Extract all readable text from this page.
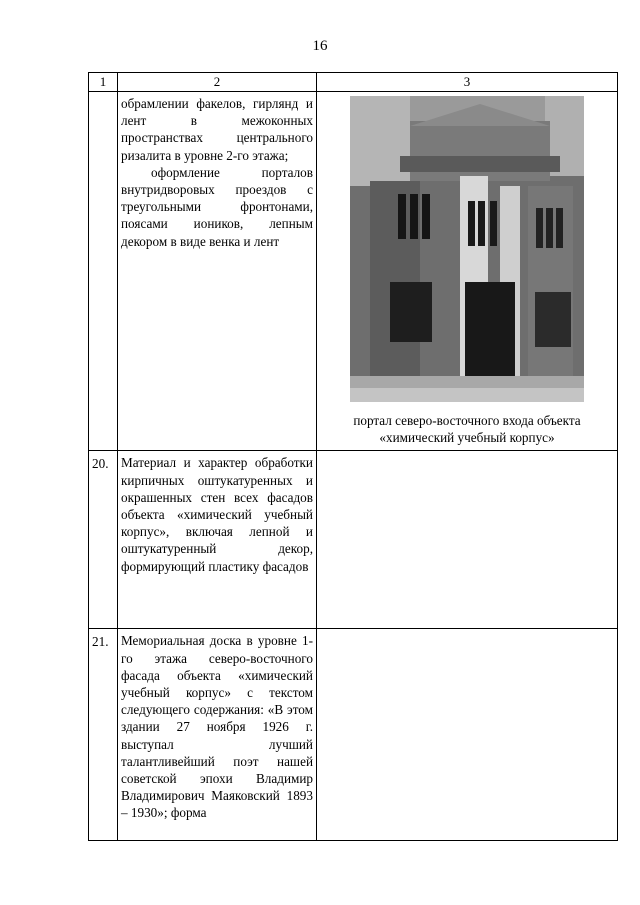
16
1	2	3

	обрамлении факелов, гирлянд и лент в межоконных пространствах центрального ризалита в уровне 2-го этажа;

оформление порталов внутридворовых проездов с треугольными фронтонами, поясами иоников, лепным декором в виде венка и лент	портал северо-восточного входа объекта «химический учебный корпус»

20.	Материал и характер обработки кирпичных оштукатуренных и окрашенных стен всех фасадов объекта «химический учебный корпус», включая лепной и оштукатуренный декор, формирующий пластику фасадов	
21.	Мемориальная доска в уровне 1-го этажа северо-восточного фасада объекта «химический учебный корпус» с текстом следующего содержания: «В этом здании 27 ноября 1926 г. выступал лучший талантливейший поэт нашей советской эпохи Владимир Владимирович Маяковский 1893 – 1930»; форма	
